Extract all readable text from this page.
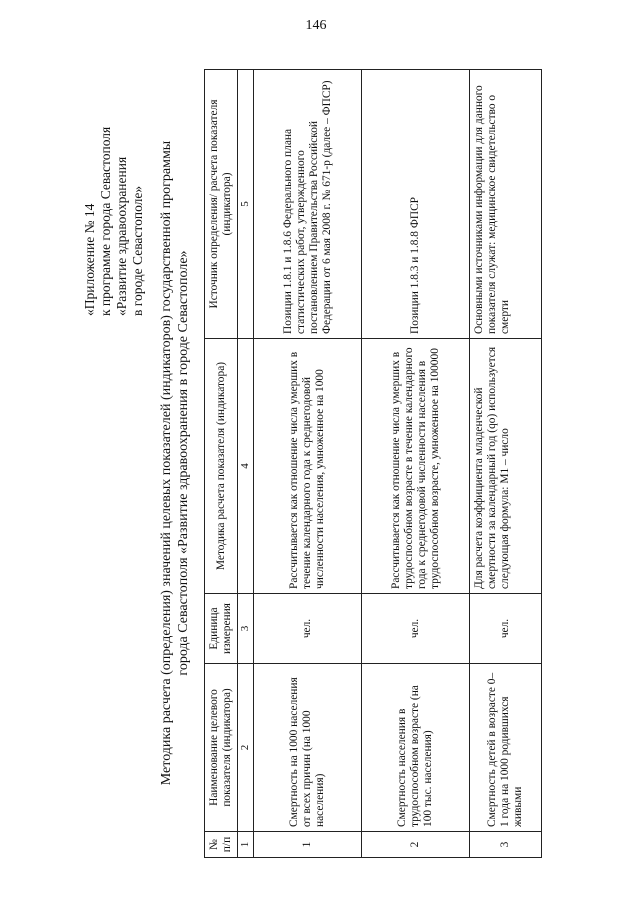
146
«Приложение № 14 к программе города Севастополя «Развитие здравоохранения в городе Севастополе» Методика расчета (определения) значений целевых показателей (индикаторов) государственной программы города Севастополя «Развитие здравоохранения в городе Севастополе»
№ п/п	Наименование целевого показателя (индикатора)	Единица измерения	Методика расчета показателя (индикатора)	Источник определения/ расчета показателя (индикатора)
1	2	3	4	5
1	Смертность на 1000 населения от всех причин (на 1000 населения)	чел.	Рассчитывается как отношение числа умерших в течение календарного года к среднегодовой численности населения, умноженное на 1000	Позиции 1.8.1 и 1.8.6 Федерального плана статистических работ, утвержденного постановлением Правительства Российской Федерации от 6 мая 2008 г. № 671-р (далее – ФПСР)
2	Смертность населения в трудоспособном возрасте (на 100 тыс. населения)	чел.	Рассчитывается как отношение числа умерших в трудоспособном возрасте в течение календарного года к среднегодовой численности населения в трудоспособном возрасте, умноженное на 100000	Позиции 1.8.3 и 1.8.8 ФПСР
3	Смертность детей в возрасте 0–1 года на 1000 родившихся живыми	чел.	Для расчета коэффициента младенческой смертности за календарный год (qo) используется следующая формула: M1 – число	Основными источниками информации для данного показателя служат: медицинское свидетельство о смерти
